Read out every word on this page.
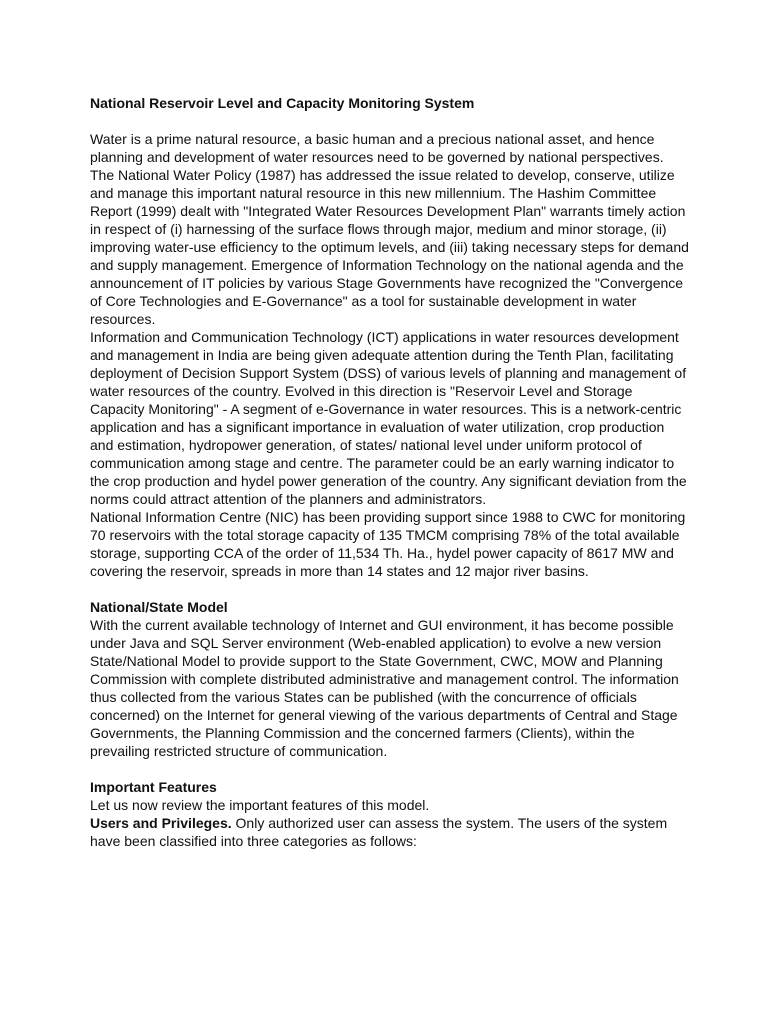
National Reservoir Level and Capacity Monitoring System

Water is a prime natural resource, a basic human and a precious national asset, and hence planning and development of water resources need to be governed by national perspectives.

The National Water Policy (1987) has addressed the issue related to develop, conserve, utilize and manage this important natural resource in this new millennium. The Hashim Committee Report (1999) dealt with "Integrated Water Resources Development Plan" warrants timely action in respect of (i) harnessing of the surface flows through major, medium and minor storage, (ii) improving water-use efficiency to the optimum levels, and (iii) taking necessary steps for demand and supply management. Emergence of Information Technology on the national agenda and the announcement of IT policies by various Stage Governments have recognized the "Convergence of Core Technologies and E-Governance" as a tool for sustainable development in water resources.

Information and Communication Technology (ICT) applications in water resources development and management in India are being given adequate attention during the Tenth Plan, facilitating deployment of Decision Support System (DSS) of various levels of planning and management of water resources of the country. Evolved in this direction is "Reservoir Level and Storage Capacity Monitoring" - A segment of e-Governance in water resources. This is a network-centric application and has a significant importance in evaluation of water utilization, crop production and estimation, hydropower generation, of states/ national level under uniform protocol of communication among stage and centre. The parameter could be an early warning indicator to the crop production and hydel power generation of the country. Any significant deviation from the norms could attract attention of the planners and administrators.

National Information Centre (NIC) has been providing support since 1988 to CWC for monitoring 70 reservoirs with the total storage capacity of 135 TMCM comprising 78% of the total available storage, supporting CCA of the order of 11,534 Th. Ha., hydel power capacity of 8617 MW and covering the reservoir, spreads in more than 14 states and 12 major river basins.

National/State Model

With the current available technology of Internet and GUI environment, it has become possible under Java and SQL Server environment (Web-enabled application) to evolve a new version State/National Model to provide support to the State Government, CWC, MOW and Planning Commission with complete distributed administrative and management control. The information thus collected from the various States can be published (with the concurrence of officials concerned) on the Internet for general viewing of the various departments of Central and Stage Governments, the Planning Commission and the concerned farmers (Clients), within the prevailing restricted structure of communication.

Important Features

Let us now review the important features of this model.

Users and Privileges. Only authorized user can assess the system. The users of the system have been classified into three categories as follows:
